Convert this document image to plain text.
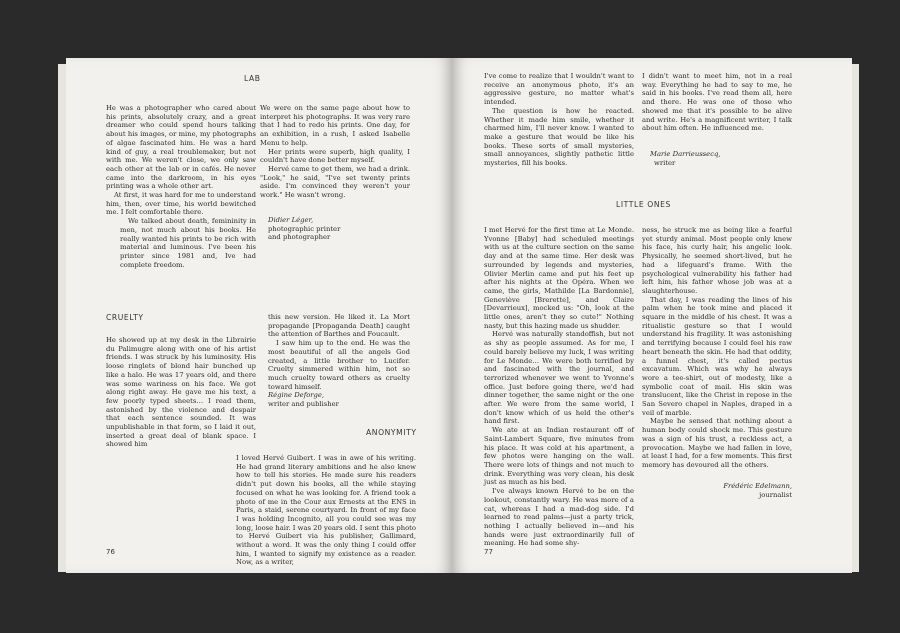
LAB

He was a photographer who cared about his prints, absolutely crazy, and a great dreamer who could spend hours talking about his images, or mine, my photographs of algae fascinated him. He was a hard kind of guy, a real troublemaker, but not with me. We weren't close, we only saw each other at the lab or in cafés. He never came into the darkroom, in his eyes printing was a whole other art.

At first, it was hard for me to understand him, then, over time, his world bewitched me. I felt comfortable there.

We talked about death, femininity in men, not much about his books. He really wanted his prints to be rich with material and luminous. I've been his printer since 1981 and, Ive had complete freedom.

We were on the same page about how to interpret his photographs. It was very rare that I had to redo his prints. One day, for an exhibition, in a rush, I asked Isabelle Menu to help.

Her prints were superb, high quality, I couldn't have done better myself.

Hervé came to get them, we had a drink. "Look," he said, "I've set twenty prints aside. I'm convinced they weren't your work." He wasn't wrong.

Didier Léger,
photographic printer
and photographer
CRUELTY

He showed up at my desk in the Librairie du Palimugre along with one of his artist friends. I was struck by his luminosity. His loose ringlets of blond hair bunched up like a halo. He was 17 years old, and there was some wariness on his face. We got along right away. He gave me his text, a few poorly typed sheets… I read them, astonished by the violence and despair that each sentence sounded. It was unpublishable in that form, so I laid it out, inserted a great deal of blank space. I showed him

this new version. He liked it. La Mort propagande [Propaganda Death] caught the attention of Barthes and Foucault.

I saw him up to the end. He was the most beautiful of all the angels God created, a little brother to Lucifer. Cruelty simmered within him, not so much cruelty toward others as cruelty toward himself.

Régine Deforge,
writer and publisher
ANONYMITY

I loved Hervé Guibert. I was in awe of his writing. He had grand literary ambitions and he also knew how to tell his stories. He made sure his readers didn't put down his books, all the while staying focused on what he was looking for. A friend took a photo of me in the Cour aux Ernests at the ENS in Paris, a staid, serene courtyard. In front of my face I was holding Incognito, all you could see was my long, loose hair. I was 20 years old. I sent this photo to Hervé Guibert via his publisher, Gallimard, without a word. It was the only thing I could offer him, I wanted to signify my existence as a reader. Now, as a writer,

76

I've come to realize that I wouldn't want to receive an anonymous photo, it's an aggressive gesture, no matter what's intended.

The question is how he reacted. Whether it made him smile, whether it charmed him, I'll never know. I wanted to make a gesture that would be like his books. These sorts of small mysteries, small annoyances, slightly pathetic little mysteries, fill his books.

I didn't want to meet him, not in a real way. Everything he had to say to me, he said in his books. I've read them all, here and there. He was one of those who showed me that it's possible to be alive and write. He's a magnificent writer, I talk about him often. He influenced me.

Marie Darrieussecq,
writer
LITTLE ONES

I met Hervé for the first time at Le Monde. Yvonne [Baby] had scheduled meetings with us at the culture section on the same day and at the same time. Her desk was surrounded by legends and mysteries, Olivier Merlin came and put his feet up after his nights at the Opéra. When we came, the girls, Mathilde [La Bardonnie], Geneviève [Brerette], and Claire [Devarrieux], mocked us: "Oh, look at the little ones, aren't they so cute!" Nothing nasty, but this hazing made us shudder.

Hervé was naturally standoffish, but not as shy as people assumed. As for me, I could barely believe my luck, I was writing for Le Monde… We were both terrified by and fascinated with the journal, and terrorized whenever we went to Yvonne's office. Just before going there, we'd had dinner together, the same night or the one after. We were from the same world, I don't know which of us held the other's hand first.

We ate at an Indian restaurant off of Saint-Lambert Square, five minutes from his place. It was cold at his apartment, a few photos were hanging on the wall. There were lots of things and not much to drink. Everything was very clean, his desk just as much as his bed.

I've always known Hervé to be on the lookout, constantly wary. He was more of a cat, whereas I had a mad-dog side. I'd learned to read palms—just a party trick, nothing I actually believed in—and his hands were just extraordinarily full of meaning. He had some shy-

ness, he struck me as being like a fearful yet sturdy animal. Most people only knew his face, his curly hair, his angelic look. Physically, he seemed short-lived, but he had a lifeguard's frame. With the psychological vulnerability his father had left him, his father whose job was at a slaughterhouse.

That day, I was reading the lines of his palm when he took mine and placed it square in the middle of his chest. It was a ritualistic gesture so that I would understand his fragility. It was astonishing and terrifying because I could feel his raw heart beneath the skin. He had that oddity, a funnel chest, it's called pectus excavatum. Which was why he always wore a tee-shirt, out of modesty, like a symbolic coat of mail. His skin was translucent, like the Christ in repose in the San Severo chapel in Naples, draped in a veil of marble.

Maybe he sensed that nothing about a human body could shock me. This gesture was a sign of his trust, a reckless act, a provocation. Maybe we had fallen in love, at least I had, for a few moments. This first memory has devoured all the others.

Frédéric Edelmann,
journalist
77
